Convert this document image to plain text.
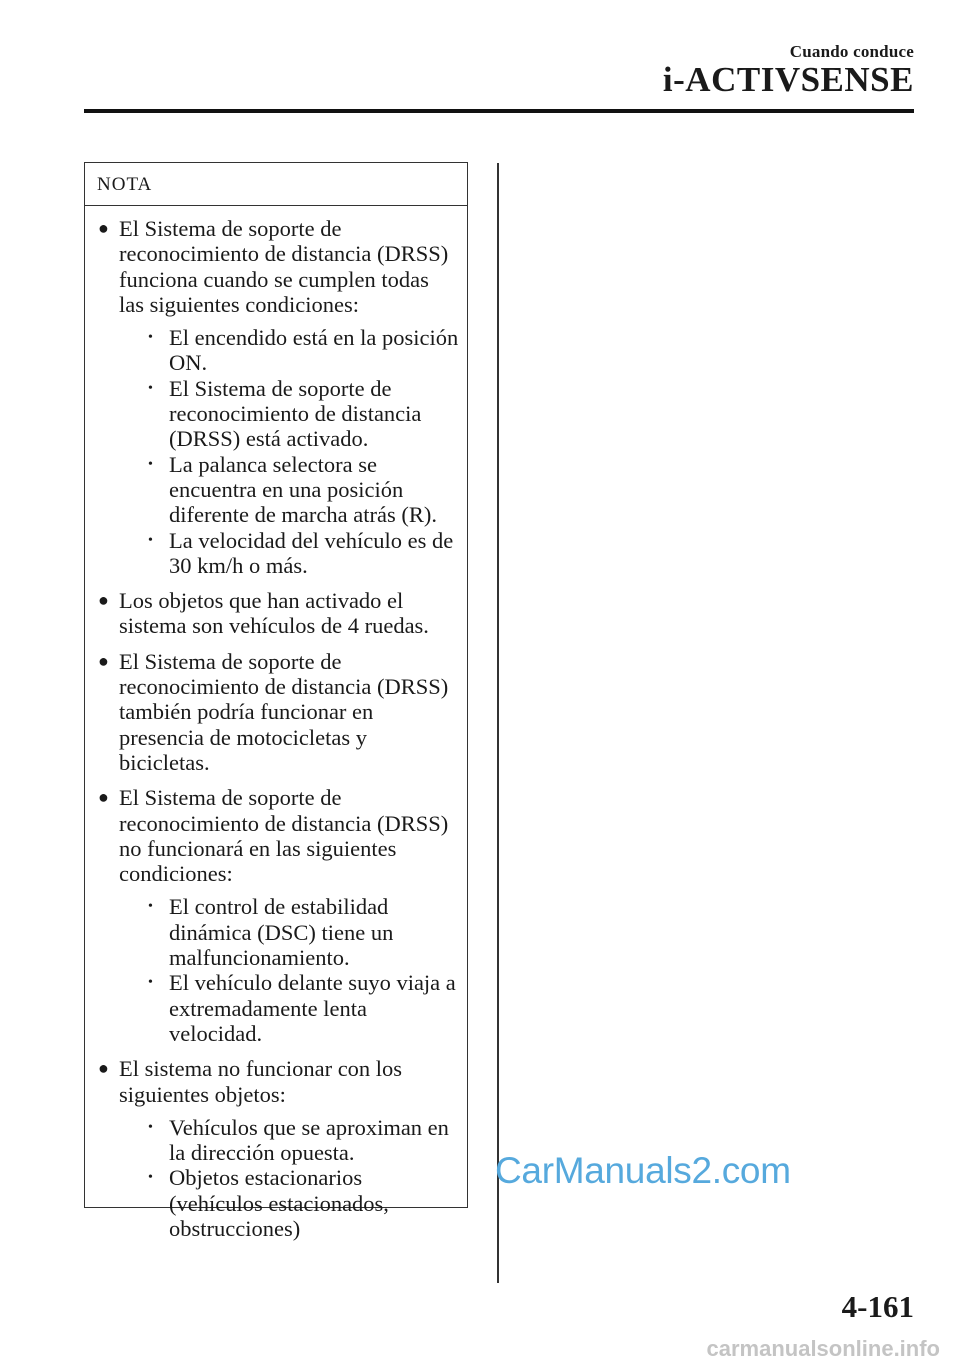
Cuando conduce
i-ACTIVSENSE
NOTA
● El Sistema de soporte de reconocimiento de distancia (DRSS) funciona cuando se cumplen todas las siguientes condiciones:
• El encendido está en la posición ON.
• El Sistema de soporte de reconocimiento de distancia (DRSS) está activado.
• La palanca selectora se encuentra en una posición diferente de marcha atrás (R).
• La velocidad del vehículo es de 30 km/h o más.
● Los objetos que han activado el sistema son vehículos de 4 ruedas.
● El Sistema de soporte de reconocimiento de distancia (DRSS) también podría funcionar en presencia de motocicletas y bicicletas.
● El Sistema de soporte de reconocimiento de distancia (DRSS) no funcionará en las siguientes condiciones:
• El control de estabilidad dinámica (DSC) tiene un malfuncionamiento.
• El vehículo delante suyo viaja a extremadamente lenta velocidad.
● El sistema no funcionar con los siguientes objetos:
• Vehículos que se aproximan en la dirección opuesta.
• Objetos estacionarios (vehículos estacionados, obstrucciones)
CarManuals2.com
4-161
carmanualsonline.info
